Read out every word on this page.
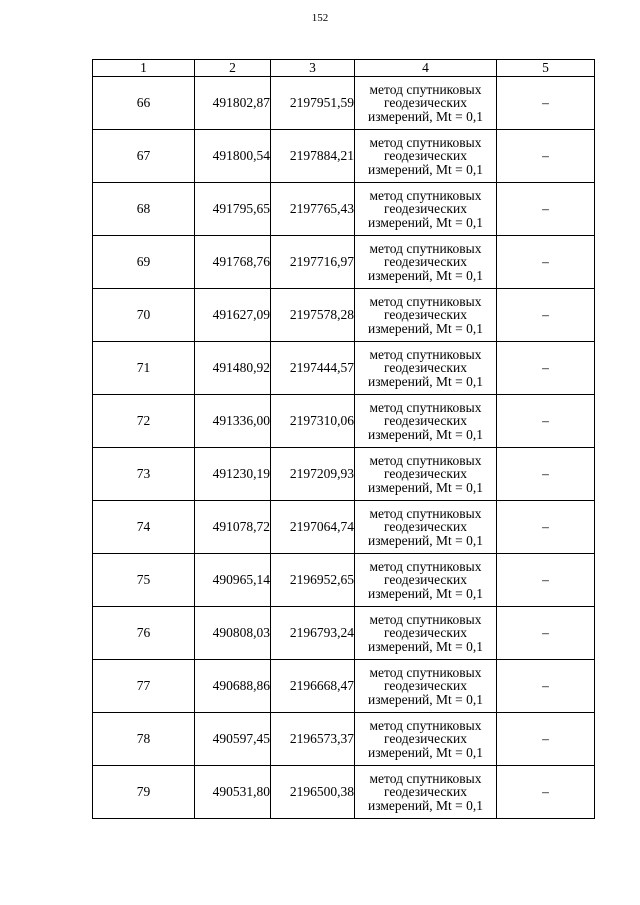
152
1	2	3	4	5
66	491802,87	2197951,59	метод спутниковых
геодезических
измерений, Mt = 0,1	–
67	491800,54	2197884,21	метод спутниковых
геодезических
измерений, Mt = 0,1	–
68	491795,65	2197765,43	метод спутниковых
геодезических
измерений, Mt = 0,1	–
69	491768,76	2197716,97	метод спутниковых
геодезических
измерений, Mt = 0,1	–
70	491627,09	2197578,28	метод спутниковых
геодезических
измерений, Mt = 0,1	–
71	491480,92	2197444,57	метод спутниковых
геодезических
измерений, Mt = 0,1	–
72	491336,00	2197310,06	метод спутниковых
геодезических
измерений, Mt = 0,1	–
73	491230,19	2197209,93	метод спутниковых
геодезических
измерений, Mt = 0,1	–
74	491078,72	2197064,74	метод спутниковых
геодезических
измерений, Mt = 0,1	–
75	490965,14	2196952,65	метод спутниковых
геодезических
измерений, Mt = 0,1	–
76	490808,03	2196793,24	метод спутниковых
геодезических
измерений, Mt = 0,1	–
77	490688,86	2196668,47	метод спутниковых
геодезических
измерений, Mt = 0,1	–
78	490597,45	2196573,37	метод спутниковых
геодезических
измерений, Mt = 0,1	–
79	490531,80	2196500,38	метод спутниковых
геодезических
измерений, Mt = 0,1	–
